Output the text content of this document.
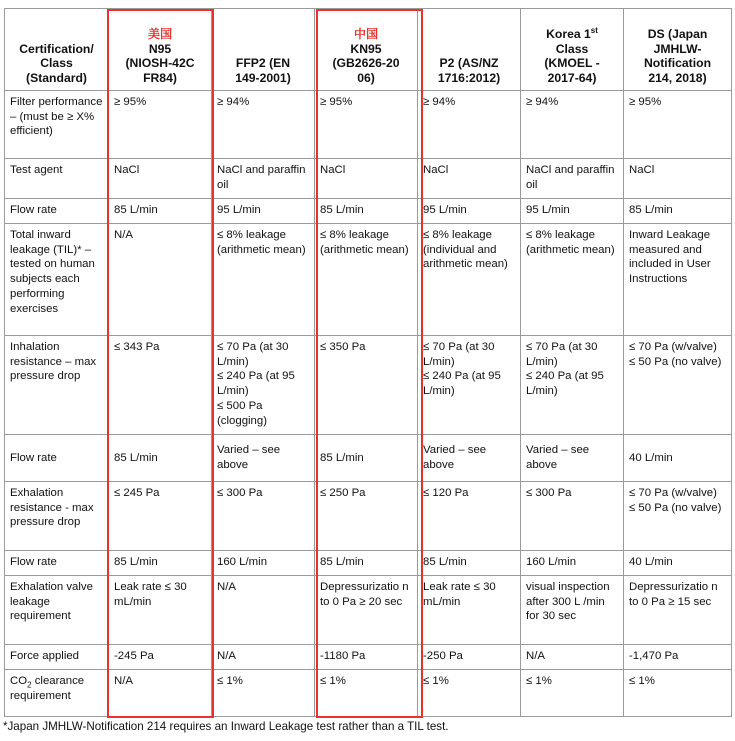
Certification/
Class
(Standard)	美国
N95
(NIOSH-42C
FR84)	FFP2 (EN
149-2001)	中国
KN95
(GB2626-20
06)	P2 (AS/NZ
1716:2012)	Korea 1st
Class
(KMOEL -
2017-64)	DS (Japan
JMHLW-
Notification
214, 2018)
Filter performance – (must be ≥ X% efficient)	≥ 95%	≥ 94%	≥ 95%	≥ 94%	≥ 94%	≥ 95%
Test agent	NaCl	NaCl and paraffin oil	NaCl	NaCl	NaCl and paraffin oil	NaCl
Flow rate	85 L/min	95 L/min	85 L/min	95 L/min	95 L/min	85 L/min
Total inward leakage (TIL)* – tested on human subjects each performing exercises	N/A	≤ 8% leakage (arithmetic mean)	≤ 8% leakage (arithmetic mean)	≤ 8% leakage (individual and arithmetic mean)	≤ 8% leakage (arithmetic mean)	Inward Leakage measured and included in User Instructions
Inhalation resistance – max pressure drop	≤ 343 Pa	≤ 70 Pa (at 30 L/min)
≤ 240 Pa (at 95 L/min)
≤ 500 Pa (clogging)	≤ 350 Pa	≤ 70 Pa (at 30 L/min)
≤ 240 Pa (at 95 L/min)	≤ 70 Pa (at 30 L/min)
≤ 240 Pa (at 95 L/min)	≤ 70 Pa (w/valve)
≤ 50 Pa (no valve)
Flow rate	85 L/min	Varied – see above	85 L/min	Varied – see above	Varied – see above	40 L/min
Exhalation resistance - max pressure drop	≤ 245 Pa	≤ 300 Pa	≤ 250 Pa	≤ 120 Pa	≤ 300 Pa	≤ 70 Pa (w/valve)
≤ 50 Pa (no valve)
Flow rate	85 L/min	160 L/min	85 L/min	85 L/min	160 L/min	40 L/min
Exhalation valve leakage requirement	Leak rate ≤ 30 mL/min	N/A	Depressurizatio n to 0 Pa ≥ 20 sec	Leak rate ≤ 30 mL/min	visual inspection after 300 L /min for 30 sec	Depressurizatio n to 0 Pa ≥ 15 sec
Force applied	-245 Pa	N/A	-1180 Pa	-250 Pa	N/A	-1,470 Pa
$CO_2$ clearance requirement	N/A	≤ 1%	≤ 1%	≤ 1%	≤ 1%	≤ 1%
*Japan JMHLW-Notification 214 requires an Inward Leakage test rather than a TIL test.
